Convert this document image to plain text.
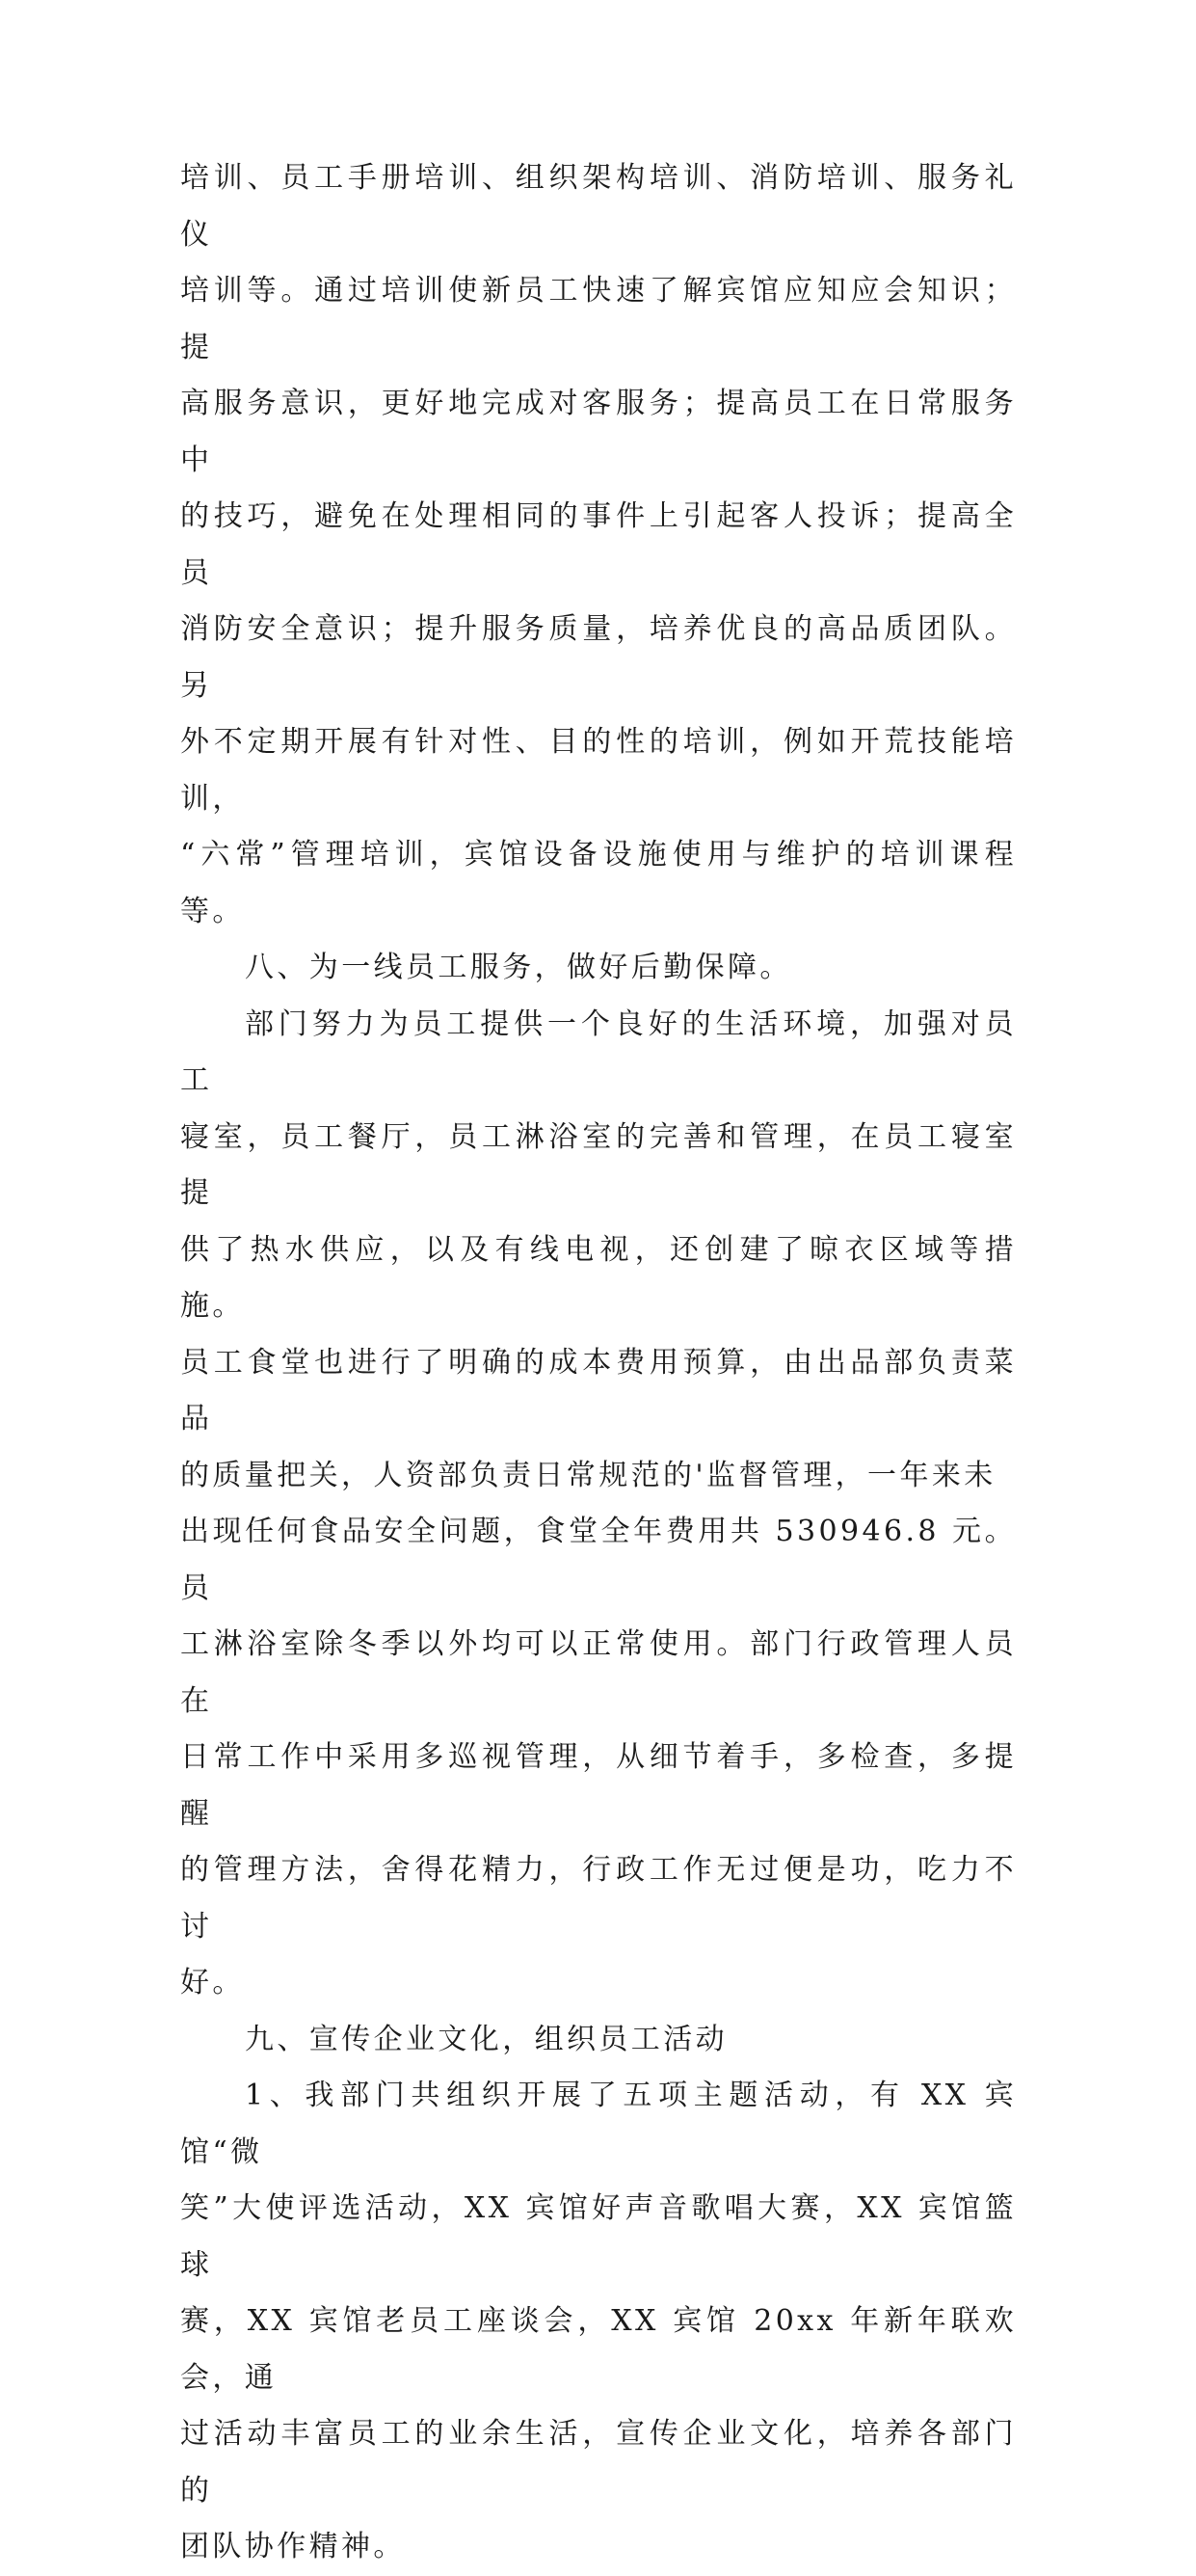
培训、员工手册培训、组织架构培训、消防培训、服务礼仪
培训等。通过培训使新员工快速了解宾馆应知应会知识；提
高服务意识，更好地完成对客服务；提高员工在日常服务中
的技巧，避免在处理相同的事件上引起客人投诉；提高全员
消防安全意识；提升服务质量，培养优良的高品质团队。另
外不定期开展有针对性、目的性的培训，例如开荒技能培训，
“六常”管理培训，宾馆设备设施使用与维护的培训课程等。

八、为一线员工服务，做好后勤保障。

部门努力为员工提供一个良好的生活环境，加强对员工
寝室，员工餐厅，员工淋浴室的完善和管理，在员工寝室提
供了热水供应，以及有线电视，还创建了晾衣区域等措施。
员工食堂也进行了明确的成本费用预算，由出品部负责菜品
的质量把关，人资部负责日常规范的'监督管理，一年来未
出现任何食品安全问题，食堂全年费用共 530946.8 元。员
工淋浴室除冬季以外均可以正常使用。部门行政管理人员在
日常工作中采用多巡视管理，从细节着手，多检查，多提醒
的管理方法，舍得花精力，行政工作无过便是功，吃力不讨
好。

九、宣传企业文化，组织员工活动

1、我部门共组织开展了五项主题活动，有 XX 宾馆“微
笑”大使评选活动，XX 宾馆好声音歌唱大赛，XX 宾馆篮球
赛，XX 宾馆老员工座谈会，XX 宾馆 20xx 年新年联欢会，通
过活动丰富员工的业余生活，宣传企业文化，培养各部门的
团队协作精神。
